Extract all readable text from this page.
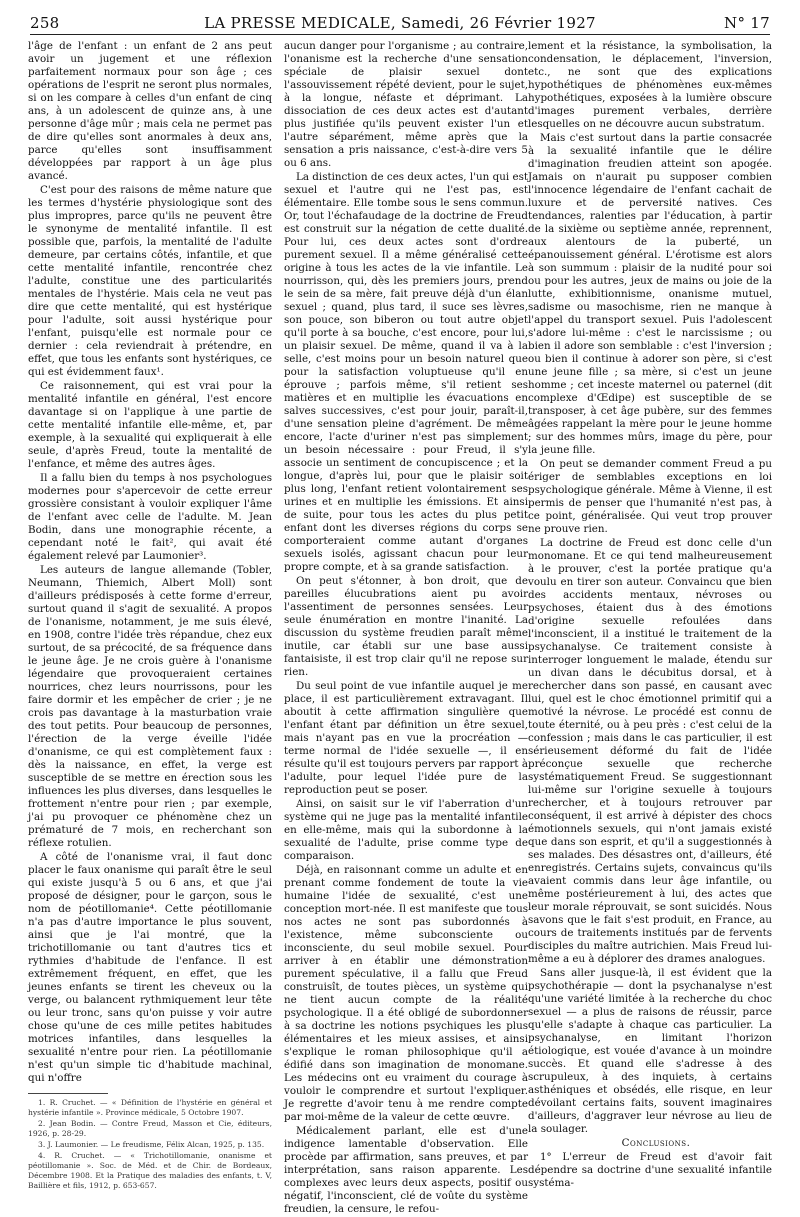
258	LA PRESSE MEDICALE, Samedi, 26 Février 1927	N° 17

l'âge de l'enfant : un enfant de 2 ans peut avoir un jugement et une réflexion parfaitement normaux pour son âge ; ces opérations de l'esprit ne seront plus normales, si on les compare à celles d'un enfant de cinq ans, à un adolescent de quinze ans, à une personne d'âge mûr ; mais cela ne permet pas de dire qu'elles sont anormales à deux ans, parce qu'elles sont insuffisamment développées par rapport à un âge plus avancé.

C'est pour des raisons de même nature que les termes d'hystérie physiologique sont des plus impropres, parce qu'ils ne peuvent être le synonyme de mentalité infantile. Il est possible que, parfois, la mentalité de l'adulte demeure, par certains côtés, infantile, et que cette mentalité infantile, rencontrée chez l'adulte, constitue une des particularités mentales de l'hystérie. Mais cela ne veut pas dire que cette mentalité, qui est hystérique pour l'adulte, soit aussi hystérique pour l'enfant, puisqu'elle est normale pour ce dernier : cela reviendrait à prétendre, en effet, que tous les enfants sont hystériques, ce qui est évidemment faux¹.

Ce raisonnement, qui est vrai pour la mentalité infantile en général, l'est encore davantage si on l'applique à une partie de cette mentalité infantile elle-même, et, par exemple, à la sexualité qui expliquerait à elle seule, d'après Freud, toute la mentalité de l'enfance, et même des autres âges.

Il a fallu bien du temps à nos psychologues modernes pour s'apercevoir de cette erreur grossière consistant à vouloir expliquer l'âme de l'enfant avec celle de l'adulte. M. Jean Bodin, dans une monographie récente, a cependant noté le fait², qui avait été également relevé par Laumonier³.

Les auteurs de langue allemande (Tobler, Neumann, Thiemich, Albert Moll) sont d'ailleurs prédisposés à cette forme d'erreur, surtout quand il s'agit de sexualité. A propos de l'onanisme, notamment, je me suis élevé, en 1908, contre l'idée très répandue, chez eux surtout, de sa précocité, de sa fréquence dans le jeune âge. Je ne crois guère à l'onanisme légendaire que provoqueraient certaines nourrices, chez leurs nourrissons, pour les faire dormir et les empêcher de crier ; je ne crois pas davantage à la masturbation vraie des tout petits. Pour beaucoup de personnes, l'érection de la verge éveille l'idée d'onanisme, ce qui est complètement faux : dès la naissance, en effet, la verge est susceptible de se mettre en érection sous les influences les plus diverses, dans lesquelles le frottement n'entre pour rien ; par exemple, j'ai pu provoquer ce phénomène chez un prématuré de 7 mois, en recherchant son réflexe rotulien.

A côté de l'onanisme vrai, il faut donc placer le faux onanisme qui paraît être le seul qui existe jusqu'à 5 ou 6 ans, et que j'ai proposé de désigner, pour le garçon, sous le nom de péotillomanie⁴. Cette péotillomanie n'a pas d'autre importance le plus souvent, ainsi que je l'ai montré, que la trichotillomanie ou tant d'autres tics et rythmies d'habitude de l'enfance. Il est extrêmement fréquent, en effet, que les jeunes enfants se tirent les cheveux ou la verge, ou balancent rythmiquement leur tête ou leur tronc, sans qu'on puisse y voir autre chose qu'une de ces mille petites habitudes motrices infantiles, dans lesquelles la sexualité n'entre pour rien. La péotillomanie n'est qu'un simple tic d'habitude machinal, qui n'offre

1. R. Cruchet. — « Définition de l'hystérie en général et hystérie infantile ». Province médicale, 5 Octobre 1907.
2. Jean Bodin. — Contre Freud, Masson et Cie, éditeurs, 1926, p. 28-29.
3. J. Laumonier. — Le freudisme, Félix Alcan, 1925, p. 135.
4. R. Cruchet. — « Trichotillomanie, onanisme et péotillomanie ». Soc. de Méd. et de Chir. de Bordeaux, Décembre 1908. Et la Pratique des maladies des enfants, t. V, Baillière et fils, 1912, p. 653-657.

aucun danger pour l'organisme ; au contraire, l'onanisme est la recherche d'une sensation spéciale de plaisir sexuel dont l'assouvissement répété devient, pour le sujet, à la longue, néfaste et déprimant. La dissociation de ces deux actes est d'autant plus justifiée qu'ils peuvent exister l'un et l'autre séparément, même après que la sensation a pris naissance, c'est-à-dire vers 5 ou 6 ans.

La distinction de ces deux actes, l'un qui est sexuel et l'autre qui ne l'est pas, est élémentaire. Elle tombe sous le sens commun. Or, tout l'échafaudage de la doctrine de Freud est construit sur la négation de cette dualité. Pour lui, ces deux actes sont d'ordre purement sexuel. Il a même généralisé cette origine à tous les actes de la vie infantile. Le nourrisson, qui, dès les premiers jours, prend le sein de sa mère, fait preuve déjà d'un élan sexuel ; quand, plus tard, il suce ses lèvres, son pouce, son biberon ou tout autre objet qu'il porte à sa bouche, c'est encore, pour lui, un plaisir sexuel. De même, quand il va à la selle, c'est moins pour un besoin naturel que pour la satisfaction voluptueuse qu'il en éprouve ; parfois même, s'il retient ses matières et en multiplie les évacuations en salves successives, c'est pour jouir, paraît-il, d'une sensation pleine d'agrément. De même encore, l'acte d'uriner n'est pas simplement un besoin nécessaire : pour Freud, il s'y associe un sentiment de concupiscence ; et la longue, d'après lui, pour que le plaisir soit plus long, l'enfant retient volontairement ses urines et en multiplie les émissions. Et ainsi de suite, pour tous les actes du plus petit enfant dont les diverses régions du corps se comporteraient comme autant d'organes sexuels isolés, agissant chacun pour leur propre compte, et à sa grande satisfaction.

On peut s'étonner, à bon droit, que de pareilles élucubrations aient pu avoir l'assentiment de personnes sensées. Leur seule énumération en montre l'inanité. La discussion du système freudien paraît même inutile, car établi sur une base aussi fantaisiste, il est trop clair qu'il ne repose sur rien.

Du seul point de vue infantile auquel je me place, il est particulièrement extravagant. Il aboutit à cette affirmation singulière que l'enfant étant par définition un être sexuel, mais n'ayant pas en vue la procréation — terme normal de l'idée sexuelle —, il en résulte qu'il est toujours pervers par rapport à l'adulte, pour lequel l'idée pure de la reproduction peut se poser.

Ainsi, on saisit sur le vif l'aberration d'un système qui ne juge pas la mentalité infantile en elle-même, mais qui la subordonne à la sexualité de l'adulte, prise comme type de comparaison.

Déjà, en raisonnant comme un adulte et en prenant comme fondement de toute la vie humaine l'idée de sexualité, c'est une conception mort-née. Il est manifeste que tous nos actes ne sont pas subordonnés à l'existence, même subconsciente ou inconsciente, du seul mobile sexuel. Pour arriver à en établir une démonstration purement spéculative, il a fallu que Freud construisît, de toutes pièces, un système qui ne tient aucun compte de la réalité psychologique. Il a été obligé de subordonner à sa doctrine les notions psychiques les plus élémentaires et les mieux assises, et ainsi s'explique le roman philosophique qu'il a édifié dans son imagination de monomane. Les médecins ont eu vraiment du courage à vouloir le comprendre et surtout l'expliquer. Je regrette d'avoir tenu à me rendre compte par moi-même de la valeur de cette œuvre.

Médicalement parlant, elle est d'une indigence lamentable d'observation. Elle procède par affirmation, sans preuves, et par interprétation, sans raison apparente. Les complexes avec leurs deux aspects, positif ou négatif, l'inconscient, clé de voûte du système freudien, la censure, le refou-

lement et la résistance, la symbolisation, la condensation, le déplacement, l'inversion, etc., ne sont que des explications hypothétiques de phénomènes eux-mêmes hypothétiques, exposées à la lumière obscure d'images purement verbales, derrière lesquelles on ne découvre aucun substratum.

Mais c'est surtout dans la partie consacrée à la sexualité infantile que le délire d'imagination freudien atteint son apogée. Jamais on n'aurait pu supposer combien l'innocence légendaire de l'enfant cachait de luxure et de perversité natives. Ces tendances, ralenties par l'éducation, à partir de la sixième ou septième année, reprennent, aux alentours de la puberté, un épanouissement général. L'érotisme est alors à son summum : plaisir de la nudité pour soi ou pour les autres, jeux de mains ou joie de la lutte, exhibitionnisme, onanisme mutuel, sadisme ou masochisme, rien ne manque à l'appel du transport sexuel. Puis l'adolescent s'adore lui-même : c'est le narcissisme ; ou bien il adore son semblable : c'est l'inversion ; ou bien il continue à adorer son père, si c'est une jeune fille ; sa mère, si c'est un jeune homme ; cet inceste maternel ou paternel (dit complexe d'Œdipe) est susceptible de se transposer, à cet âge pubère, sur des femmes âgées rappelant la mère pour le jeune homme ; sur des hommes mûrs, image du père, pour la jeune fille.

On peut se demander comment Freud a pu ériger de semblables exceptions en loi psychologique générale. Même à Vienne, il est permis de penser que l'humanité n'est pas, à ce point, généralisée. Qui veut trop prouver ne prouve rien.

La doctrine de Freud est donc celle d'un monomane. Et ce qui tend malheureusement à le prouver, c'est la portée pratique qu'a voulu en tirer son auteur. Convaincu que bien des accidents mentaux, névroses ou psychoses, étaient dus à des émotions d'origine sexuelle refoulées dans l'inconscient, il a institué le traitement de la psychanalyse. Ce traitement consiste à interroger longuement le malade, étendu sur un divan dans le décubitus dorsal, et à rechercher dans son passé, en causant avec lui, quel est le choc émotionnel primitif qui a motivé la névrose. Le procédé est connu de toute éternité, ou à peu près : c'est celui de la confession ; mais dans le cas particulier, il est sérieusement déformé du fait de l'idée préconçue sexuelle que recherche systématiquement Freud. Se suggestionnant lui-même sur l'origine sexuelle à toujours rechercher, et à toujours retrouver par conséquent, il est arrivé à dépister des chocs émotionnels sexuels, qui n'ont jamais existé que dans son esprit, et qu'il a suggestionnés à ses malades. Des désastres ont, d'ailleurs, été enregistrés. Certains sujets, convaincus qu'ils avaient commis dans leur âge infantile, ou même postérieurement à lui, des actes que leur morale réprouvait, se sont suicidés. Nous savons que le fait s'est produit, en France, au cours de traitements institués par de fervents disciples du maître autrichien. Mais Freud lui-même a eu à déplorer des drames analogues.

Sans aller jusque-là, il est évident que la psychothérapie — dont la psychanalyse n'est qu'une variété limitée à la recherche du choc sexuel — a plus de raisons de réussir, parce qu'elle s'adapte à chaque cas particulier. La psychanalyse, en limitant l'horizon étiologique, est vouée d'avance à un moindre succès. Et quand elle s'adresse à des scrupuleux, à des inquiets, à certains asthéniques et obsédés, elle risque, en leur dévoilant certains faits, souvent imaginaires d'ailleurs, d'aggraver leur névrose au lieu de la soulager.

Conclusions.

1° L'erreur de Freud est d'avoir fait dépendre sa doctrine d'une sexualité infantile systéma-
